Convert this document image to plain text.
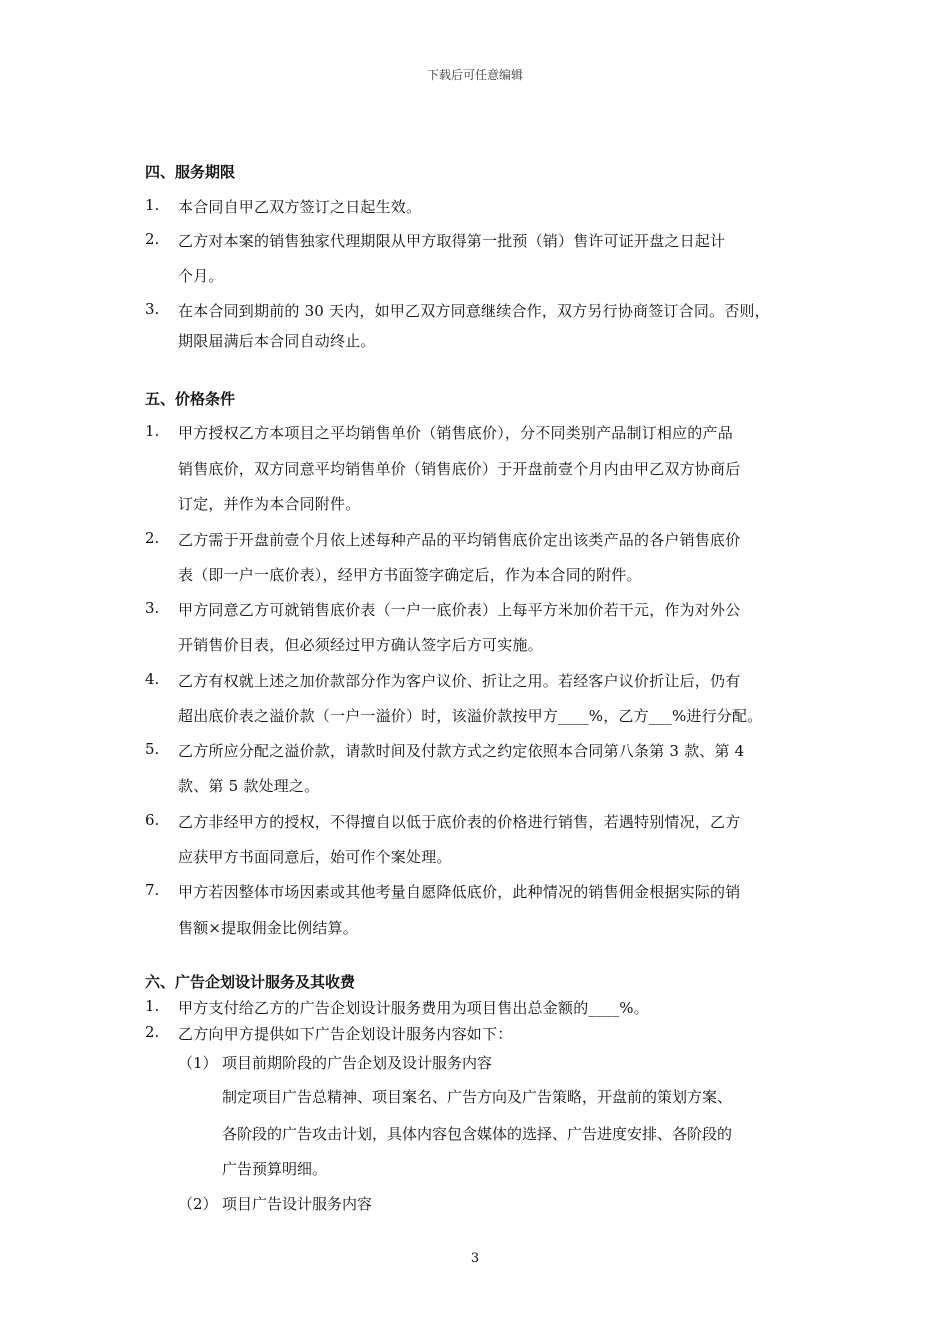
下载后可任意编辑
四、服务期限
1. 本合同自甲乙双方签订之日起生效。
2. 乙方对本案的销售独家代理期限从甲方取得第一批预（销）售许可证开盘之日起计
个月。
3. 在本合同到期前的 30 天内，如甲乙双方同意继续合作，双方另行协商签订合同。否则，
期限届满后本合同自动终止。
五、价格条件
1. 甲方授权乙方本项目之平均销售单价（销售底价），分不同类别产品制订相应的产品
销售底价，双方同意平均销售单价（销售底价）于开盘前壹个月内由甲乙双方协商后
订定，并作为本合同附件。
2. 乙方需于开盘前壹个月依上述每种产品的平均销售底价定出该类产品的各户销售底价
表（即一户一底价表），经甲方书面签字确定后，作为本合同的附件。
3. 甲方同意乙方可就销售底价表（一户一底价表）上每平方米加价若干元，作为对外公
开销售价目表，但必须经过甲方确认签字后方可实施。
4. 乙方有权就上述之加价款部分作为客户议价、折让之用。若经客户议价折让后，仍有
超出底价表之溢价款（一户一溢价）时，该溢价款按甲方____%，乙方___%进行分配。
5. 乙方所应分配之溢价款，请款时间及付款方式之约定依照本合同第八条第 3 款、第 4
款、第 5 款处理之。
6. 乙方非经甲方的授权，不得擅自以低于底价表的价格进行销售，若遇特别情况，乙方
应获甲方书面同意后，始可作个案处理。
7. 甲方若因整体市场因素或其他考量自愿降低底价，此种情况的销售佣金根据实际的销
售额×提取佣金比例结算。
六、广告企划设计服务及其收费
1. 甲方支付给乙方的广告企划设计服务费用为项目售出总金额的____%。
2. 乙方向甲方提供如下广告企划设计服务内容如下：
（1） 项目前期阶段的广告企划及设计服务内容
制定项目广告总精神、项目案名、广告方向及广告策略，开盘前的策划方案、
各阶段的广告攻击计划，具体内容包含媒体的选择、广告进度安排、各阶段的
广告预算明细。
（2） 项目广告设计服务内容
3
